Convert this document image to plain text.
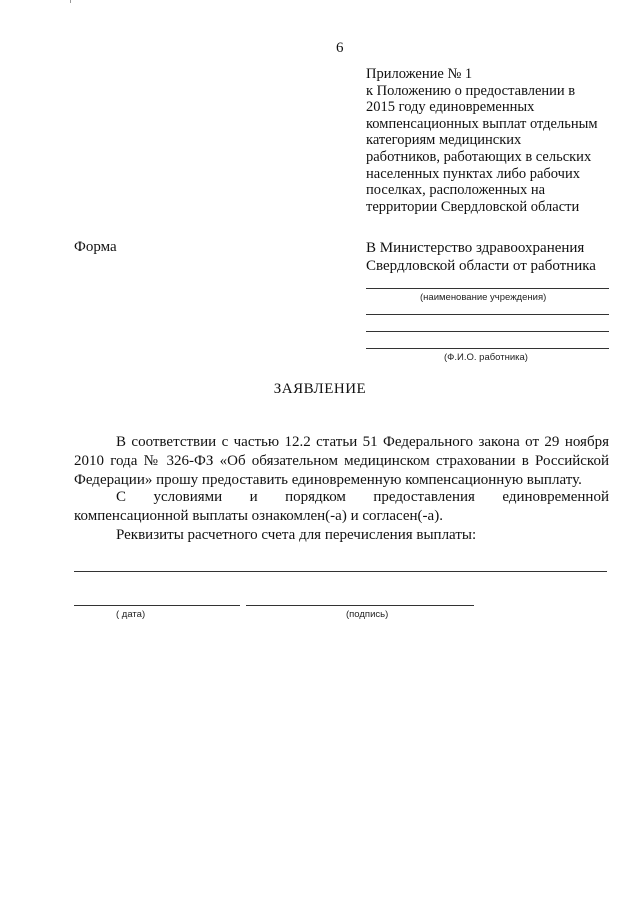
6
Приложение № 1
к Положению о предоставлении в
2015 году единовременных
компенсационных выплат отдельным
категориям медицинских
работников, работающих в сельских
населенных пунктах либо рабочих
поселках, расположенных на
территории Свердловской области
Форма	В Министерство здравоохранения
Свердловской области от работника
(наименование учреждения)
(Ф.И.О. работника)
ЗАЯВЛЕНИЕ
В соответствии с частью 12.2 статьи 51 Федерального закона от 29 ноября
2010 года № 326-ФЗ «Об обязательном медицинском страховании в Российской
Федерации» прошу предоставить единовременную компенсационную выплату.
С условиями и порядком предоставления единовременной
компенсационной выплаты ознакомлен(-а) и согласен(-а).
Реквизиты расчетного счета для перечисления выплаты:
( дата)	(подпись)
